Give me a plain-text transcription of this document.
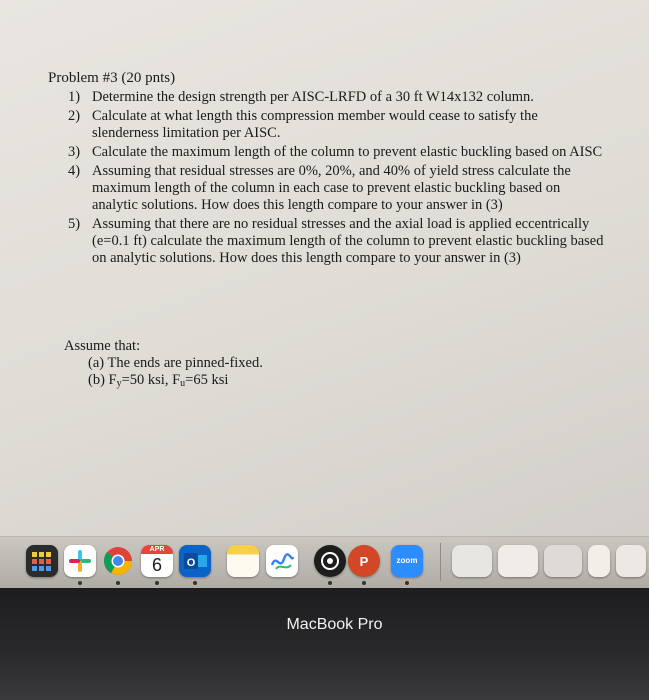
Problem #3 (20 pnts)
1) Determine the design strength per AISC-LRFD of a 30 ft W14x132 column.
2) Calculate at what length this compression member would cease to satisfy the slenderness limitation per AISC.
3) Calculate the maximum length of the column to prevent elastic buckling based on AISC
4) Assuming that residual stresses are 0%, 20%, and 40% of yield stress calculate the maximum length of the column in each case to prevent elastic buckling based on analytic solutions. How does this length compare to your answer in (3)
5) Assuming that there are no residual stresses and the axial load is applied eccentrically (e=0.1 ft) calculate the maximum length of the column to prevent elastic buckling based on analytic solutions. How does this length compare to your answer in (3)
Assume that:
(a) The ends are pinned-fixed.
(b) $F_y=50$ ksi, $F_u=65$ ksi
APR
6	O	P	zoom
MacBook Pro
